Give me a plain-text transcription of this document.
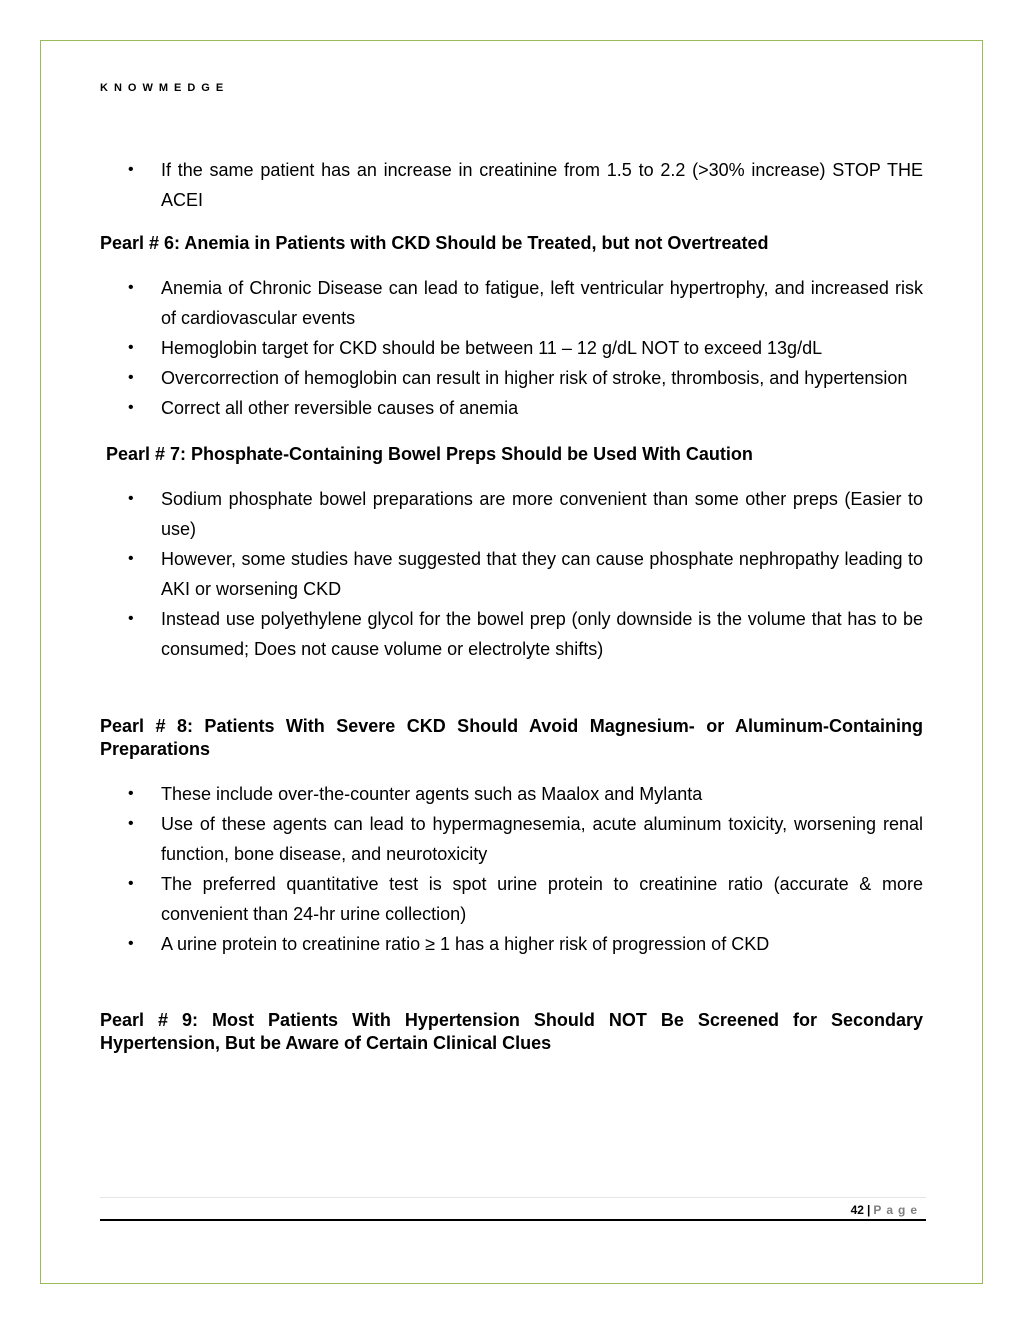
KNOWMEDGE
• If the same patient has an increase in creatinine from 1.5 to 2.2 (>30% increase) STOP THE ACEI
Pearl # 6: Anemia in Patients with CKD Should be Treated, but not Overtreated
• Anemia of Chronic Disease can lead to fatigue, left ventricular hypertrophy, and increased risk of cardiovascular events
• Hemoglobin target for CKD should be between 11 – 12 g/dL NOT to exceed 13g/dL
• Overcorrection of hemoglobin can result in higher risk of stroke, thrombosis, and hypertension
• Correct all other reversible causes of anemia
Pearl # 7: Phosphate-Containing Bowel Preps Should be Used With Caution
• Sodium phosphate bowel preparations are more convenient than some other preps (Easier to use)
• However, some studies have suggested that they can cause phosphate nephropathy leading to AKI or worsening CKD
• Instead use polyethylene glycol for the bowel prep (only downside is the volume that has to be consumed; Does not cause volume or electrolyte shifts)
Pearl # 8: Patients With Severe CKD Should Avoid Magnesium- or Aluminum-Containing Preparations
• These include over-the-counter agents such as Maalox and Mylanta
• Use of these agents can lead to hypermagnesemia, acute aluminum toxicity, worsening renal function, bone disease, and neurotoxicity
• The preferred quantitative test is spot urine protein to creatinine ratio (accurate & more convenient than 24-hr urine collection)
• A urine protein to creatinine ratio ≥ 1 has a higher risk of progression of CKD
Pearl # 9: Most Patients With Hypertension Should NOT Be Screened for Secondary Hypertension, But be Aware of Certain Clinical Clues
42 | Page
